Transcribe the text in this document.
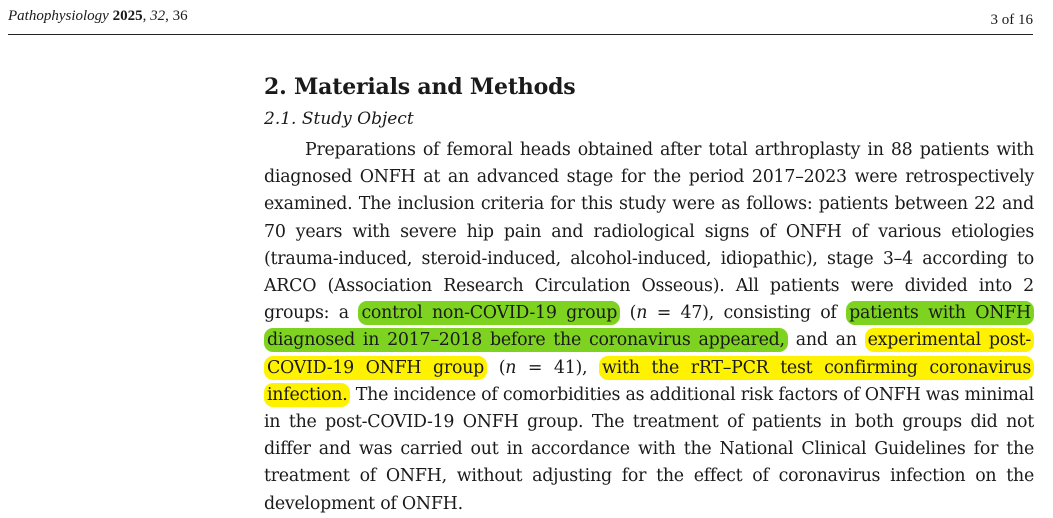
Pathophysiology 2025, 32, 36	3 of 16
2. Materials and Methods
2.1. Study Object

Preparations of femoral heads obtained after total arthroplasty in 88 patients with diagnosed ONFH at an advanced stage for the period 2017–2023 were retrospectively examined. The inclusion criteria for this study were as follows: patients between 22 and 70 years with severe hip pain and radiological signs of ONFH of various etiologies (trauma-induced, steroid-induced, alcohol-induced, idiopathic), stage 3–4 according to ARCO (Association Research Circulation Osseous). All patients were divided into 2 groups: a control non-COVID-19 group (n = 47), consisting of patients with ONFH diagnosed in 2017–2018 before the coronavirus appeared, and an experimental post-COVID-19 ONFH group (n = 41), with the rRT–PCR test confirming coronavirus infection. The incidence of comorbidities as additional risk factors of ONFH was minimal in the post-COVID-19 ONFH group. The treatment of patients in both groups did not differ and was carried out in accordance with the National Clinical Guidelines for the treatment of ONFH, without adjusting for the effect of coronavirus infection on the development of ONFH.
